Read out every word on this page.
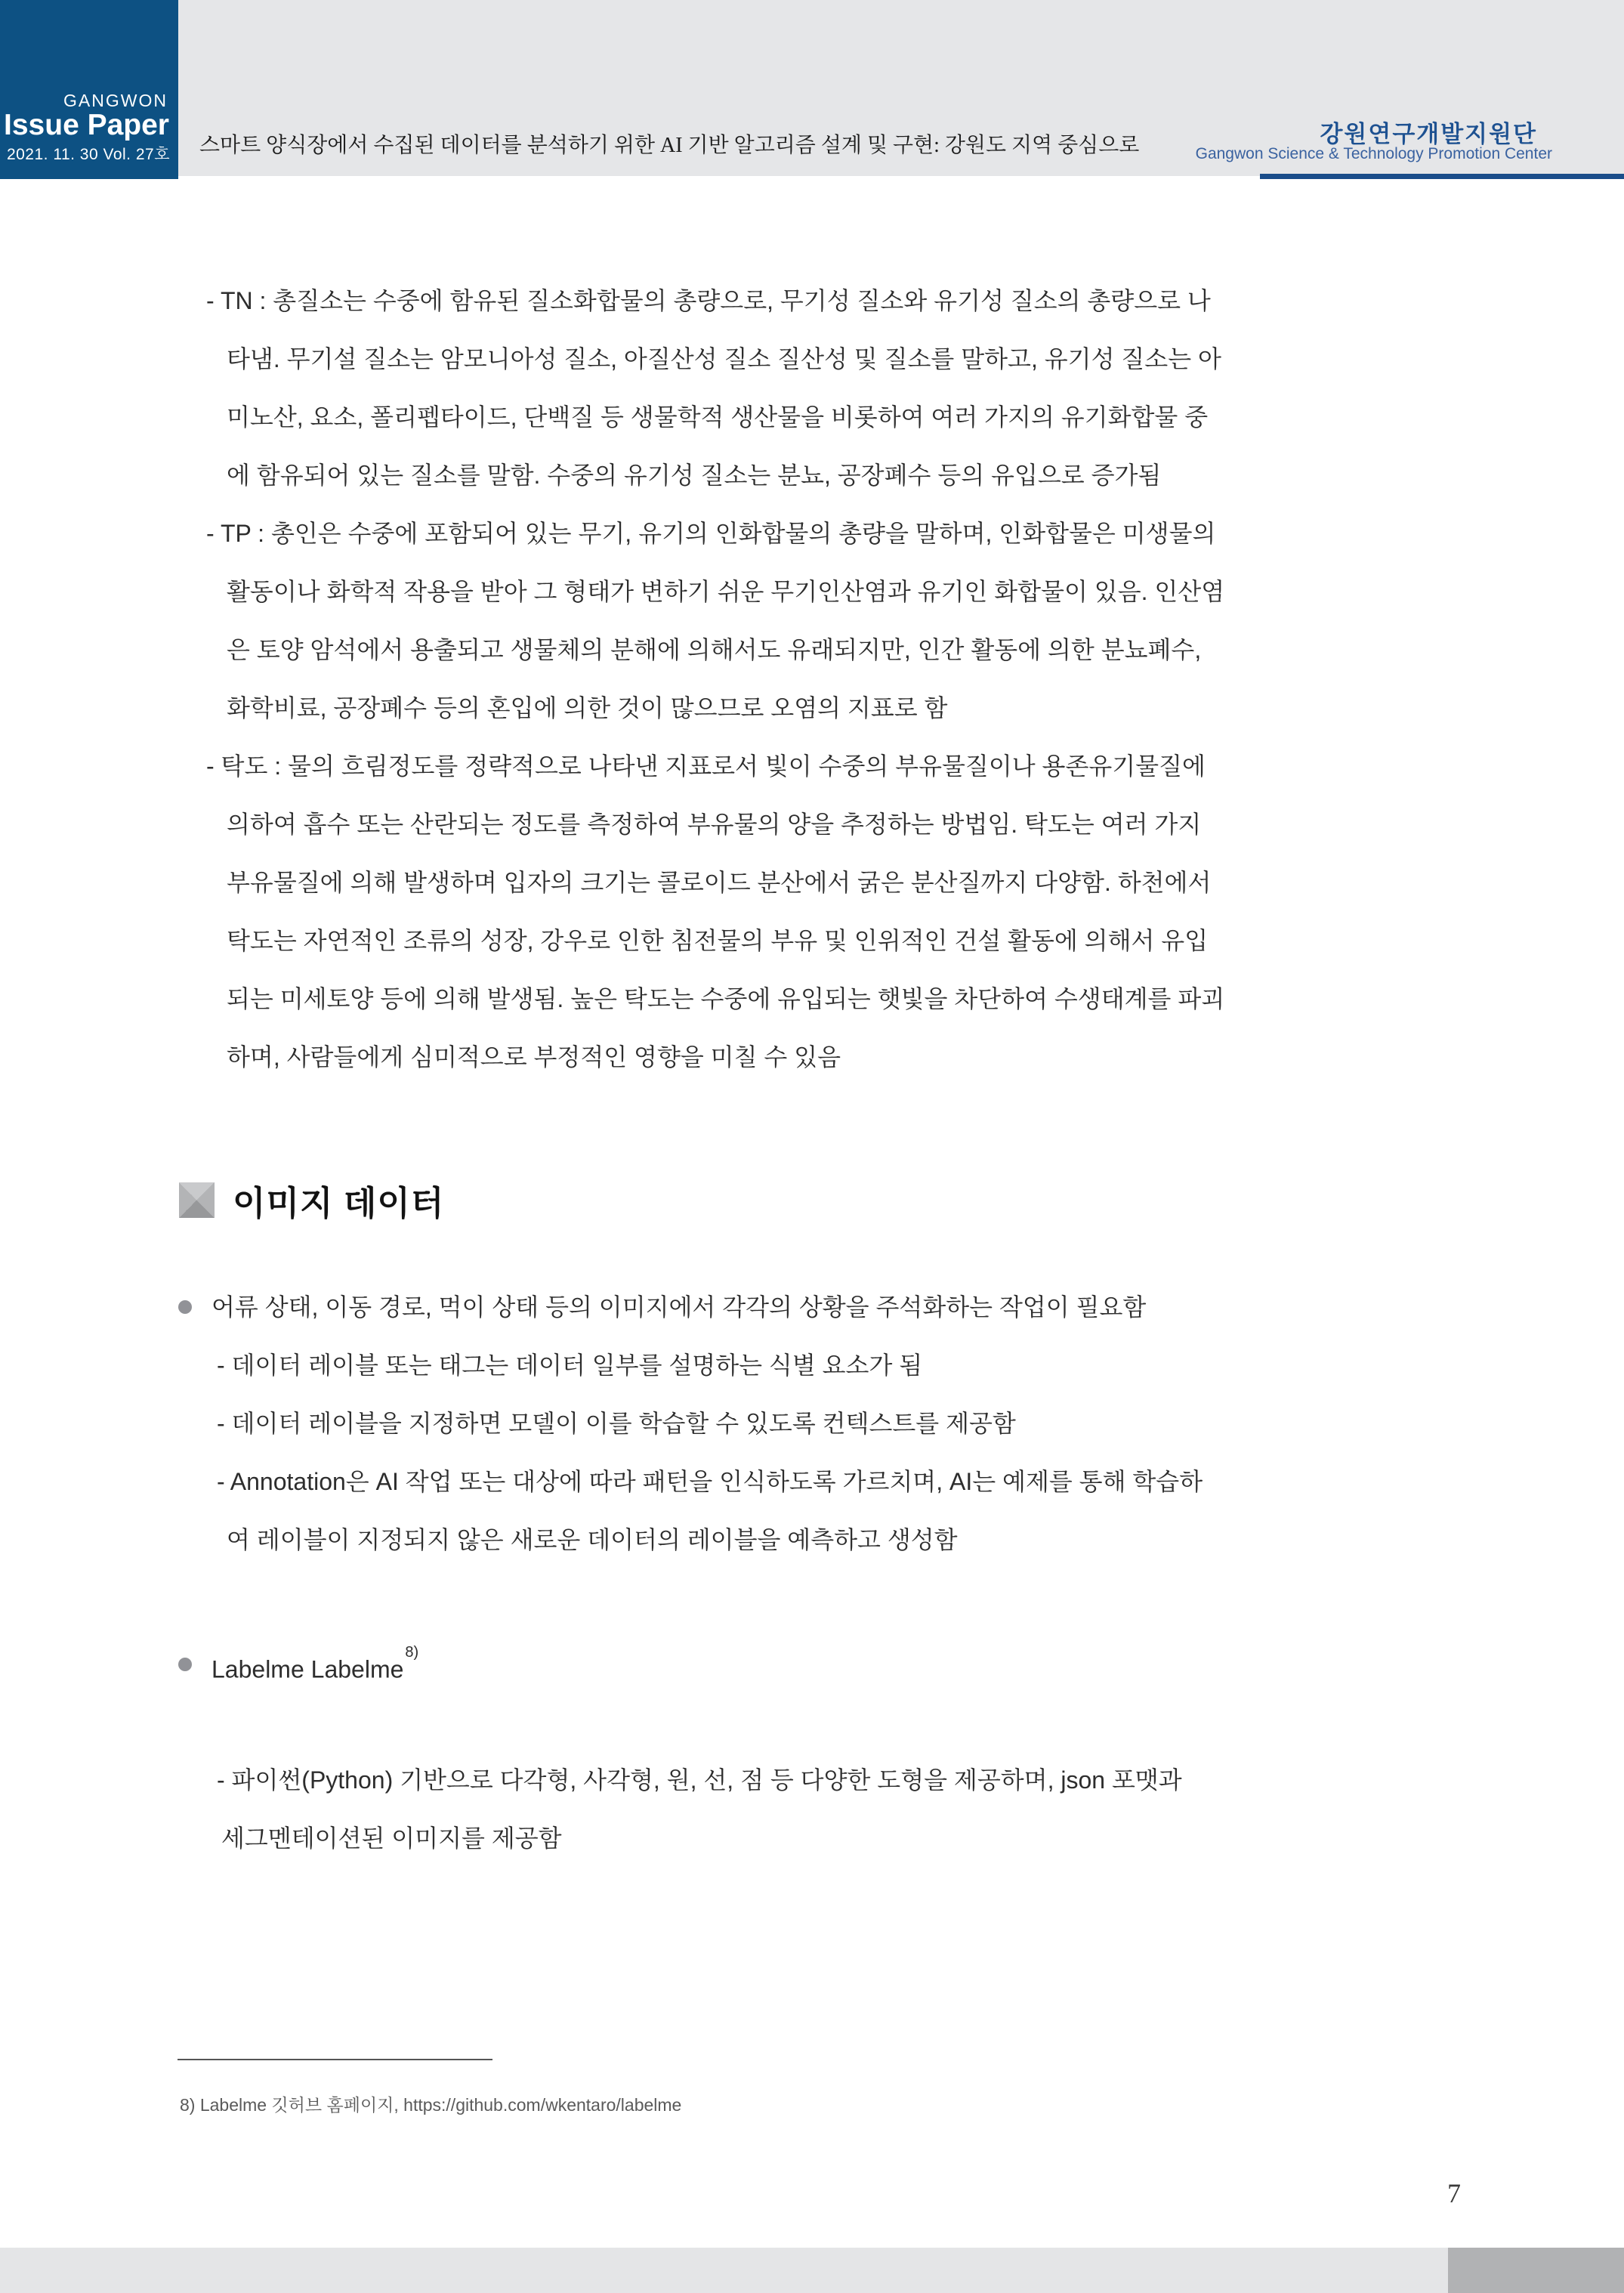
GANGWON
Issue Paper
2021. 11. 30 Vol. 27호 스마트 양식장에서 수집된 데이터를 분석하기 위한 AI 기반 알고리즘 설계 및 구현: 강원도 지역 중심으로	강원연구개발지원단
Gangwon Science & Technology Promotion Center
- TN : 총질소는 수중에 함유된 질소화합물의 총량으로, 무기성 질소와 유기성 질소의 총량으로 나
타냄. 무기설 질소는 암모니아성 질소, 아질산성 질소 질산성 및 질소를 말하고, 유기성 질소는 아
미노산, 요소, 폴리펩타이드, 단백질 등 생물학적 생산물을 비롯하여 여러 가지의 유기화합물 중
에 함유되어 있는 질소를 말함. 수중의 유기성 질소는 분뇨, 공장폐수 등의 유입으로 증가됨
- TP : 총인은 수중에 포함되어 있는 무기, 유기의 인화합물의 총량을 말하며, 인화합물은 미생물의
활동이나 화학적 작용을 받아 그 형태가 변하기 쉬운 무기인산염과 유기인 화합물이 있음. 인산염
은 토양 암석에서 용출되고 생물체의 분해에 의해서도 유래되지만, 인간 활동에 의한 분뇨폐수,
화학비료, 공장폐수 등의 혼입에 의한 것이 많으므로 오염의 지표로 함
- 탁도 : 물의 흐림정도를 정략적으로 나타낸 지표로서 빛이 수중의 부유물질이나 용존유기물질에
의하여 흡수 또는 산란되는 정도를 측정하여 부유물의 양을 추정하는 방법임. 탁도는 여러 가지
부유물질에 의해 발생하며 입자의 크기는 콜로이드 분산에서 굵은 분산질까지 다양함. 하천에서
탁도는 자연적인 조류의 성장, 강우로 인한 침전물의 부유 및 인위적인 건설 활동에 의해서 유입
되는 미세토양 등에 의해 발생됨. 높은 탁도는 수중에 유입되는 햇빛을 차단하여 수생태계를 파괴
하며, 사람들에게 심미적으로 부정적인 영향을 미칠 수 있음
이미지 데이터
어류 상태, 이동 경로, 먹이 상태 등의 이미지에서 각각의 상황을 주석화하는 작업이 필요함
- 데이터 레이블 또는 태그는 데이터 일부를 설명하는 식별 요소가 됨
- 데이터 레이블을 지정하면 모델이 이를 학습할 수 있도록 컨텍스트를 제공함
- Annotation은 AI 작업 또는 대상에 따라 패턴을 인식하도록 가르치며, AI는 예제를 통해 학습하
여 레이블이 지정되지 않은 새로운 데이터의 레이블을 예측하고 생성함
Labelme Labelme$^{8)}$
- 파이썬(Python) 기반으로 다각형, 사각형, 원, 선, 점 등 다양한 도형을 제공하며, json 포맷과
세그멘테이션된 이미지를 제공함
8) Labelme 깃허브 홈페이지, https://github.com/wkentaro/labelme
7
